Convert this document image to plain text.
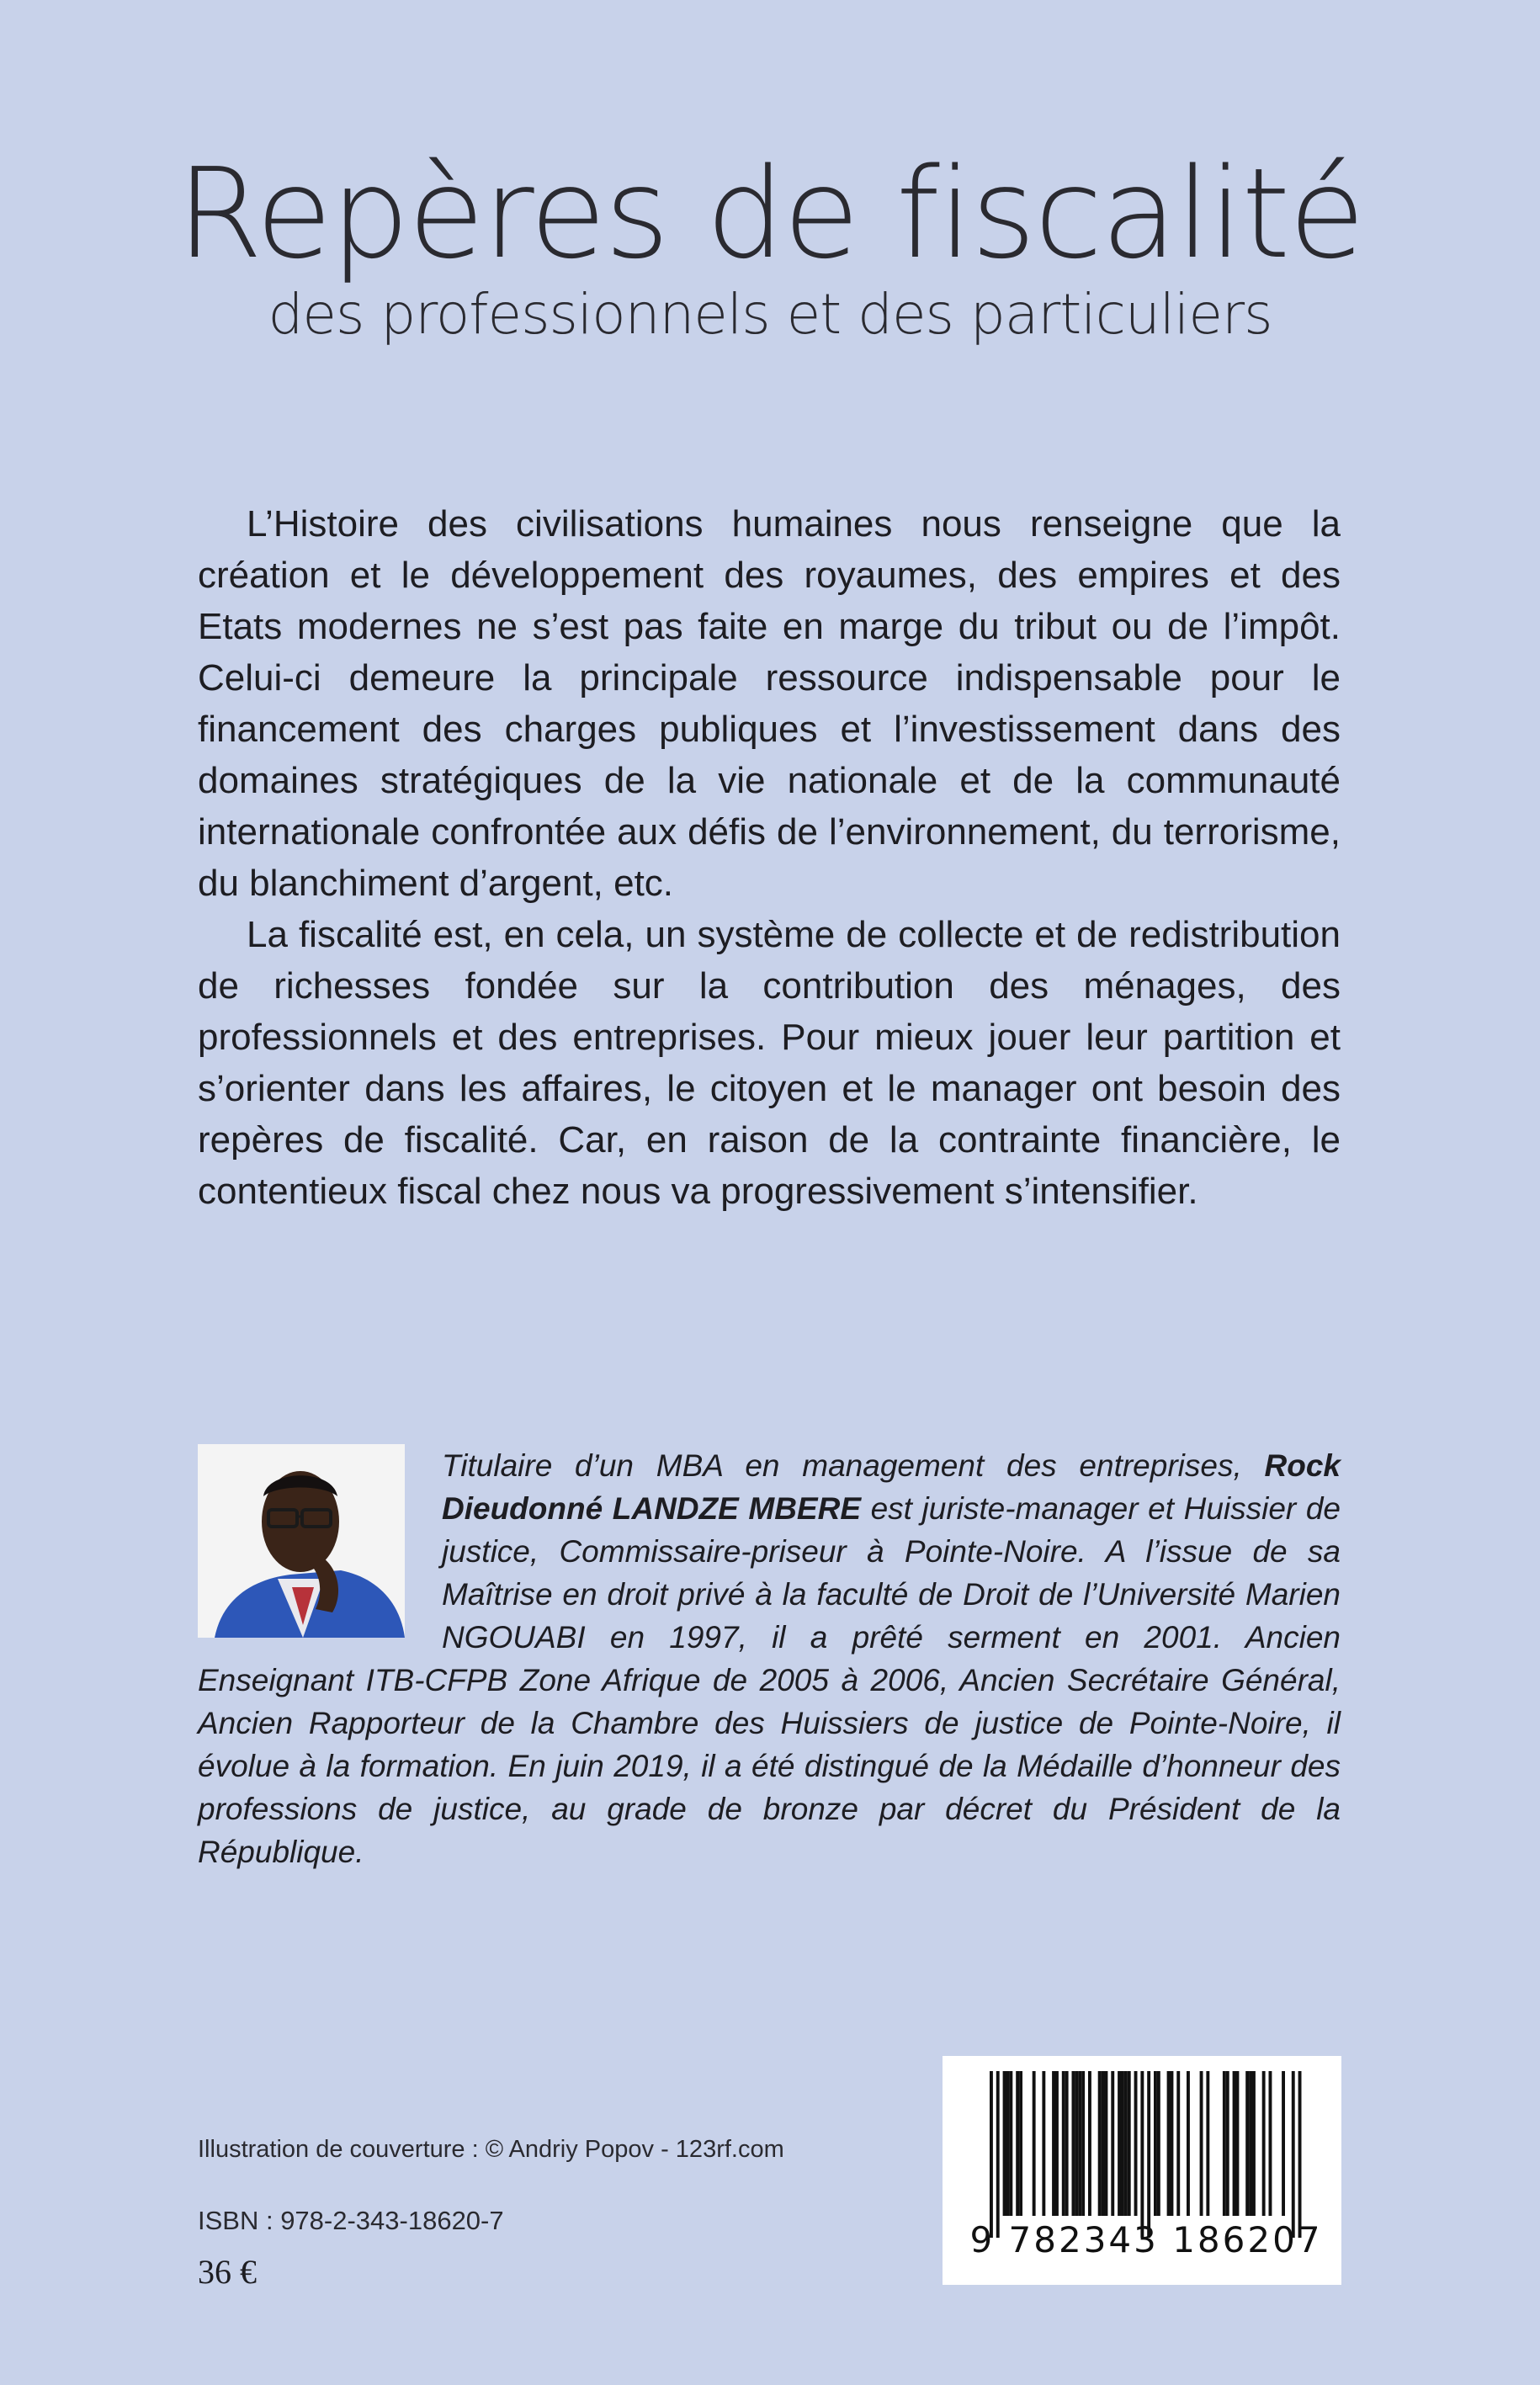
Repères de fiscalité
des professionnels et des particuliers

L’Histoire des civilisations humaines nous renseigne que la création et le développement des royaumes, des empires et des Etats modernes ne s’est pas faite en marge du tribut ou de l’impôt. Celui-ci demeure la principale ressource indispensable pour le financement des charges publiques et l’investissement dans des domaines stratégiques de la vie nationale et de la communauté internationale confrontée aux défis de l’environnement, du terrorisme, du blanchiment d’argent, etc.

La fiscalité est, en cela, un système de collecte et de redistribution de richesses fondée sur la contribution des ménages, des professionnels et des entreprises. Pour mieux jouer leur partition et s’orienter dans les affaires, le citoyen et le manager ont besoin des repères de fiscalité. Car, en raison de la contrainte financière, le contentieux fiscal chez nous va progressivement s’intensifier.

Titulaire d’un MBA en management des entreprises, Rock Dieudonné LANDZE MBERE est juriste-manager et Huissier de justice, Commissaire-priseur à Pointe-Noire. A l’issue de sa Maîtrise en droit privé à la faculté de Droit de l’Université Marien NGOUABI en 1997, il a prêté serment en 2001. Ancien Enseignant ITB-CFPB Zone Afrique de 2005 à 2006, Ancien Secrétaire Général, Ancien Rapporteur de la Chambre des Huissiers de justice de Pointe-Noire, il évolue à la formation. En juin 2019, il a été distingué de la Médaille d’honneur des professions de justice, au grade de bronze par décret du Président de la République.

Illustration de couverture : © Andriy Popov - 123rf.com

ISBN : 978-2-343-18620-7

36 €

9 782343 186207
